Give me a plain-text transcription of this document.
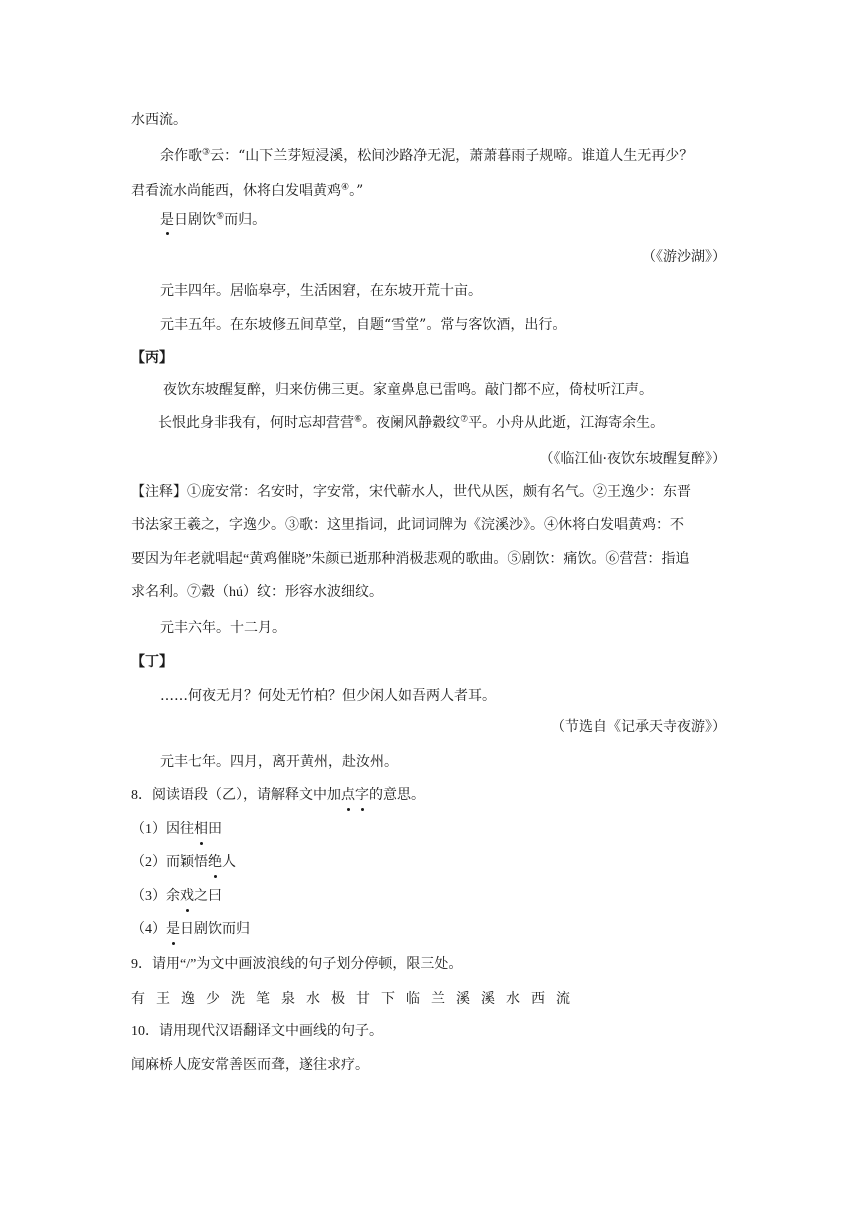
水西流。
余作歌③云：“山下兰芽短浸溪，松间沙路净无泥，萧萧暮雨子规啼。谁道人生无再少？
君看流水尚能西，休将白发唱黄鸡④。”
是日剧饮⑤而归。
（《游沙湖》）
元丰四年。居临皋亭，生活困窘，在东坡开荒十亩。
元丰五年。在东坡修五间草堂，自题“雪堂”。常与客饮酒，出行。
【丙】
夜饮东坡醒复醉，归来仿佛三更。家童鼻息已雷鸣。敲门都不应，倚杖听江声。
长恨此身非我有，何时忘却营营⑥。夜阑风静縠纹⑦平。小舟从此逝，江海寄余生。
（《临江仙·夜饮东坡醒复醉》）
【注释】①庞安常：名安时，字安常，宋代蕲水人，世代从医，颇有名气。②王逸少：东晋
书法家王羲之，字逸少。③歌：这里指词，此词词牌为《浣溪沙》。④休将白发唱黄鸡：不
要因为年老就唱起“黄鸡催晓”朱颜已逝那种消极悲观的歌曲。⑤剧饮：痛饮。⑥营营：指追
求名利。⑦縠（hú）纹：形容水波细纹。
元丰六年。十二月。
【丁】
……何夜无月？何处无竹柏？但少闲人如吾两人者耳。
（节选自《记承天寺夜游》）
元丰七年。四月，离开黄州，赴汝州。
8．阅读语段（乙），请解释文中加点字的意思。
（1）因往相田
（2）而颖悟绝人
（3）余戏之曰
（4）是日剧饮而归
9．请用“/”为文中画波浪线的句子划分停顿，限三处。
有王逸少洗笔泉水极甘下临兰溪溪水西流
10．请用现代汉语翻译文中画线的句子。
闻麻桥人庞安常善医而聋，遂往求疗。
